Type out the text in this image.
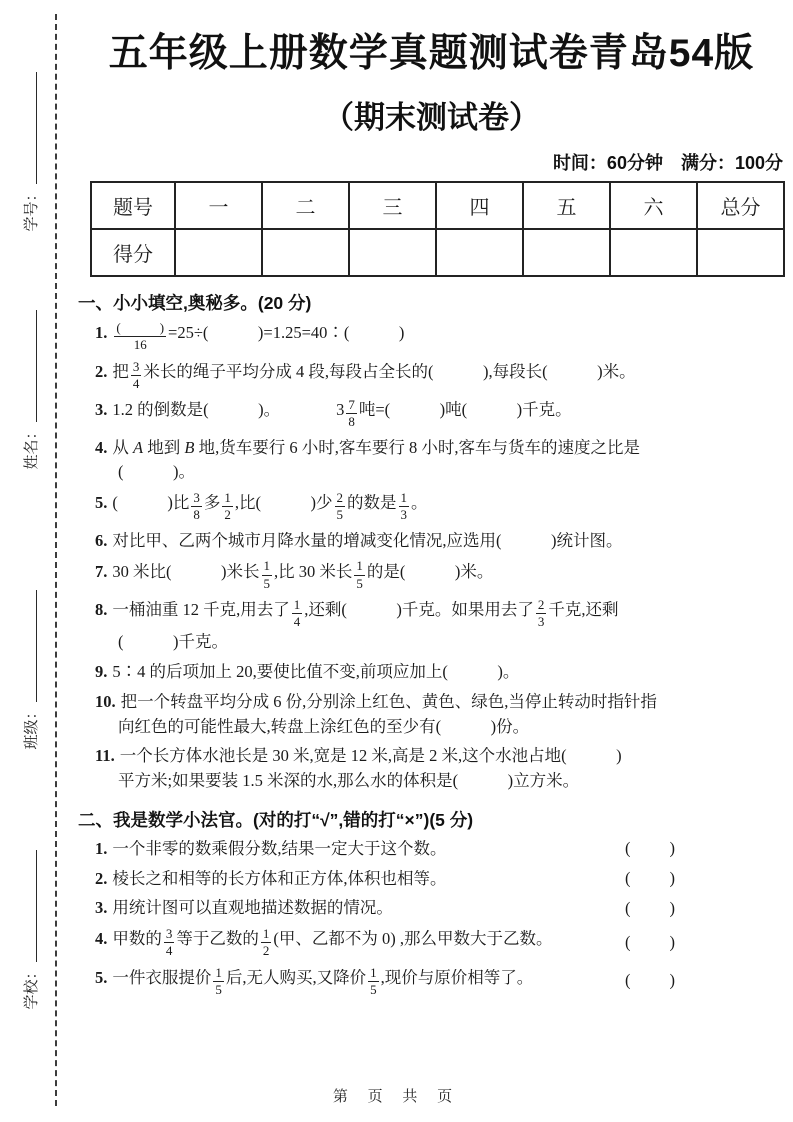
学号：
姓名：
班级：
学校：
五年级上册数学真题测试卷青岛54版
（期末测试卷）
时间：60分钟　满分：100分
题号	一	二	三	四	五	六	总分
得分							
一、小小填空,奥秘多。(20 分)
1. $\frac{( )}{16} =25\div$(　　　)=1.25=40∶(　　　)
2. 把 $\frac{3}{4}$ 米长的绳子平均分成 4 段,每段占全长的(　　　),每段长(　　　)米。
3. 1.2 的倒数是(　　　)。	$3 \frac{7}{8}$ 吨=(　　　)吨(　　　)千克。
4. 从 A 地到 B 地,货车要行 6 小时,客车要行 8 小时,客车与货车的速度之比是
(　　　)。
5. (　　　)比 $\frac{3}{8}$ 多 $\frac{1}{2}$ ,比(　　　)少 $\frac{2}{5}$ 的数是 $\frac{1}{3}$ 。
6. 对比甲、乙两个城市月降水量的增减变化情况,应选用(　　　)统计图。
7. 30 米比(　　　)米长 $\frac{1}{5}$ ,比 30 米长 $\frac{1}{5}$ 的是(　　　)米。
8. 一桶油重 12 千克,用去了 $\frac{1}{4}$ ,还剩(　　　)千克。如果用去了 $\frac{2}{3}$ 千克,还剩
(　　　)千克。
9. 5∶4 的后项加上 20,要使比值不变,前项应加上(　　　)。
10. 把一个转盘平均分成 6 份,分别涂上红色、黄色、绿色,当停止转动时指针指
向红色的可能性最大,转盘上涂红色的至少有(　　　)份。
11. 一个长方体水池长是 30 米,宽是 12 米,高是 2 米,这个水池占地(　　　)
平方米;如果要装 1.5 米深的水,那么水的体积是(　　　)立方米。
二、我是数学小法官。(对的打“√”,错的打“×”)(5 分)
1. 一个非零的数乘假分数,结果一定大于这个数。	(　　)
2. 棱长之和相等的长方体和正方体,体积也相等。	(　　)
3. 用统计图可以直观地描述数据的情况。	(　　)
4. 甲数的 $\frac{3}{4}$ 等于乙数的 $\frac{1}{2}$ (甲、乙都不为 0) ,那么甲数大于乙数。	(　　)
5. 一件衣服提价 $\frac{1}{5}$ 后,无人购买,又降价 $\frac{1}{5}$ ,现价与原价相等了。	(　　)
第 页 共 页
